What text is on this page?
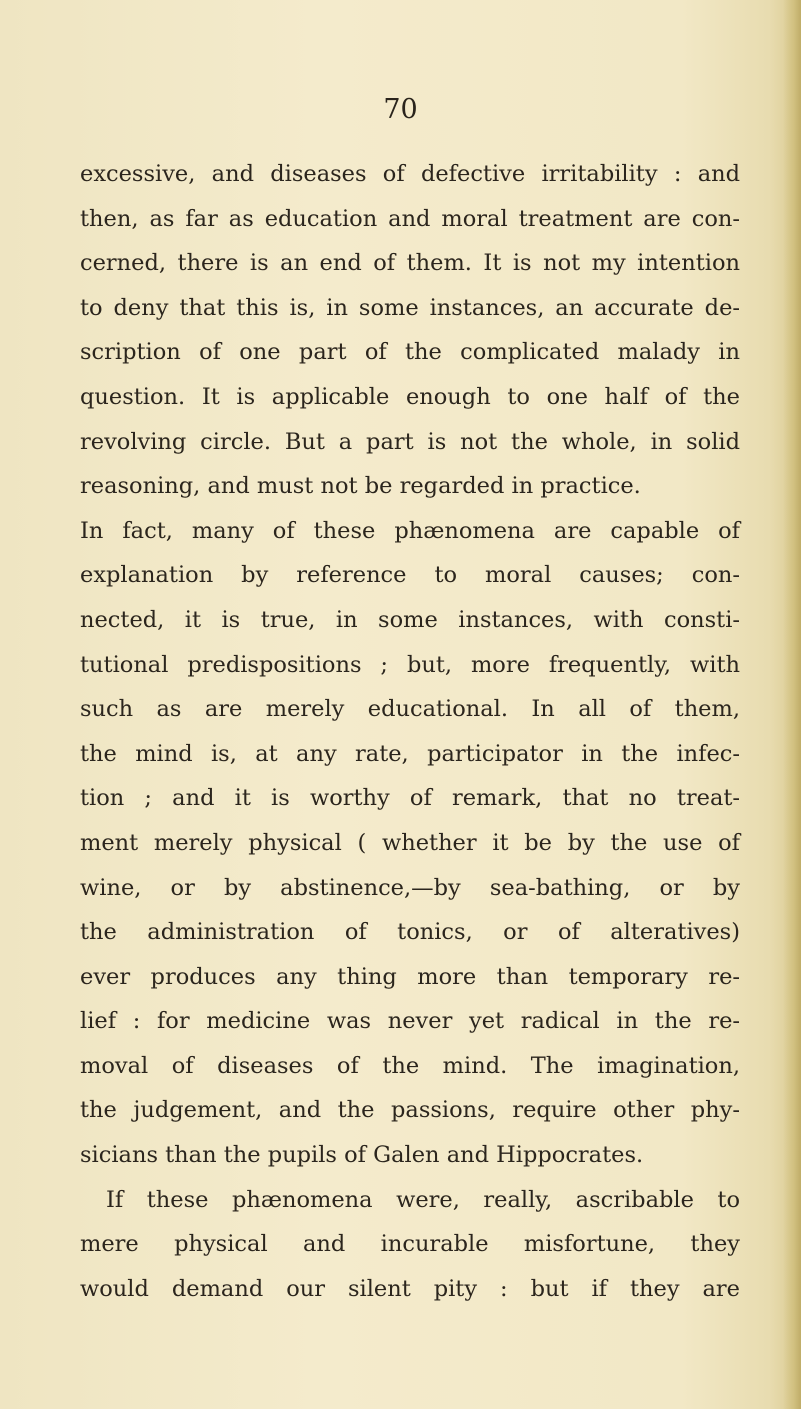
70

excessive, and diseases of defective irritability : and

then, as far as education and moral treatment are con-

cerned, there is an end of them. It is not my intention

to deny that this is, in some instances, an accurate de-

scription of one part of the complicated malady in

question. It is applicable enough to one half of the

revolving circle. But a part is not the whole, in solid

reasoning, and must not be regarded in practice.

In fact, many of these phænomena are capable of

explanation by reference to moral causes; con-

nected, it is true, in some instances, with consti-

tutional predispositions ; but, more frequently, with

such as are merely educational. In all of them,

the mind is, at any rate, participator in the infec-

tion ; and it is worthy of remark, that no treat-

ment merely physical ( whether it be by the use of

wine, or by abstinence,—by sea-bathing, or by

the administration of tonics, or of alteratives)

ever produces any thing more than temporary re-

lief : for medicine was never yet radical in the re-

moval of diseases of the mind. The imagination,

the judgement, and the passions, require other phy-

sicians than the pupils of Galen and Hippocrates.

If these phænomena were, really, ascribable to

mere physical and incurable misfortune, they

would demand our silent pity : but if they are
